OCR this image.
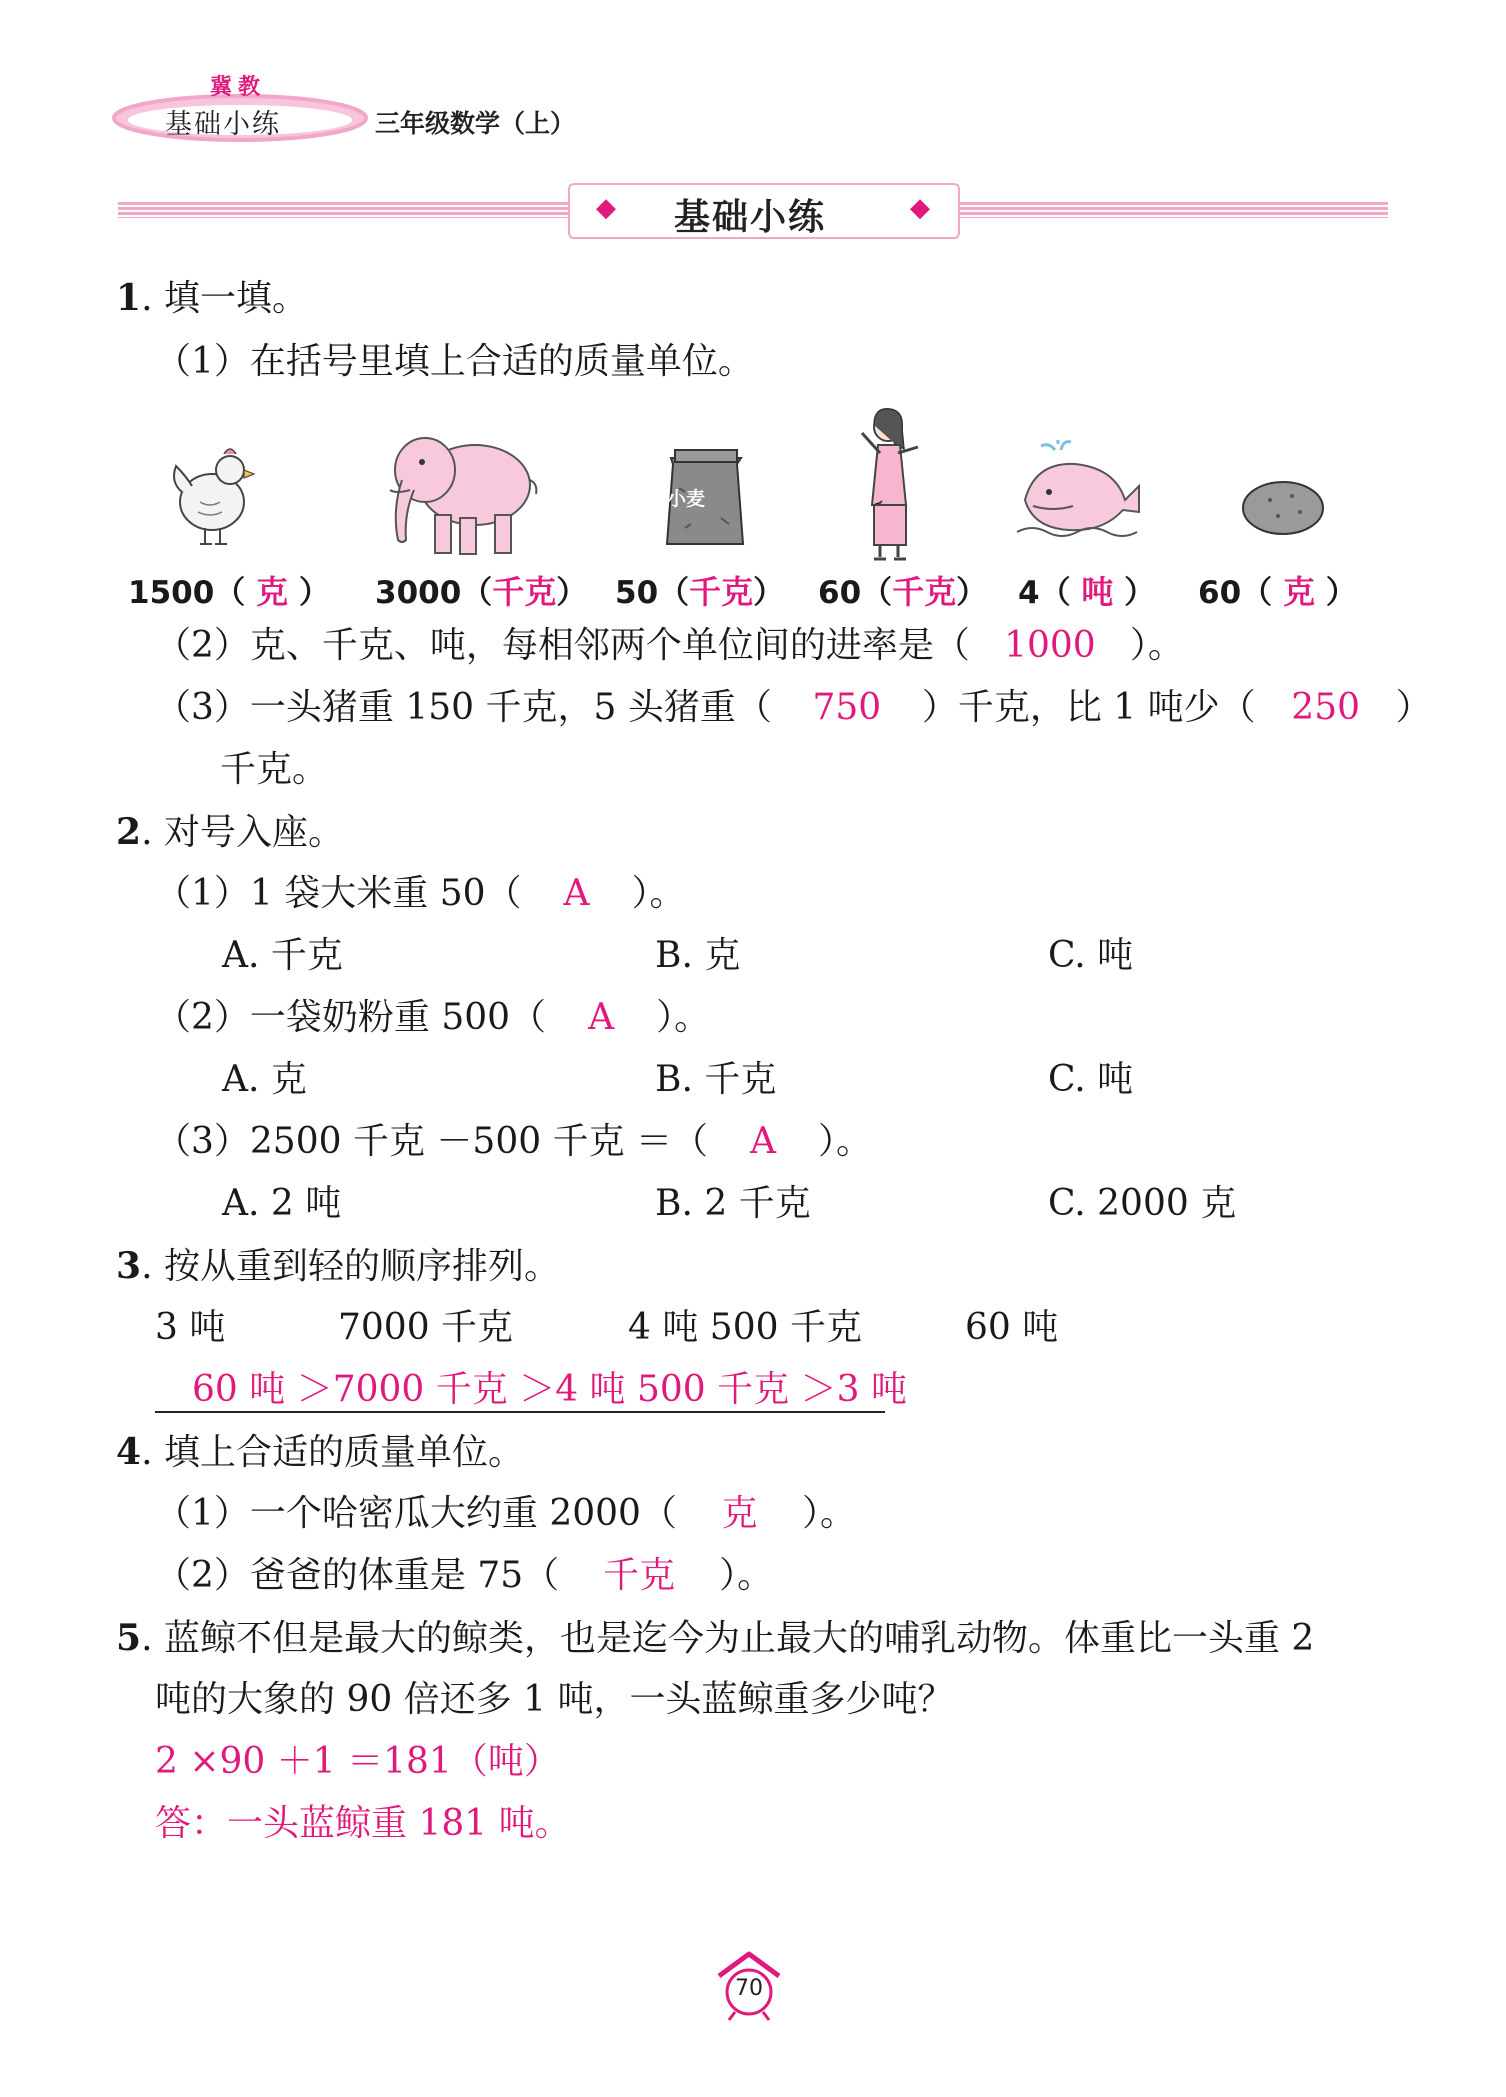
冀教
基础小练	三年级数学（上）
◆ 基础小练	◆
1. 填一填。
（1）在括号里填上合适的质量单位。
小麦
1500（ 克 ） 3000（千克） 50（千克） 60（千克） 4（ 吨 ） 60（ 克 ）
（2）克、千克、吨，每相邻两个单位间的进率是（ 1000 ）。
（3）一头猪重 150 千克，5 头猪重（ 750 ）千克，比 1 吨少（ 250 ）
千克。
2. 对号入座。
（1）1 袋大米重 50（ A ）。
A. 千克	B. 克	C. 吨
（2）一袋奶粉重 500（ A ）。
A. 克	B. 千克	C. 吨
（3）2500 千克 －500 千克 ＝（ A ）。
A. 2 吨	B. 2 千克	C. 2000 克
3. 按从重到轻的顺序排列。
3 吨	7000 千克	4 吨 500 千克	60 吨
60 吨 ＞7000 千克 ＞4 吨 500 千克 ＞3 吨
4. 填上合适的质量单位。
（1）一个哈密瓜大约重 2000（ 克 ）。
（2）爸爸的体重是 75（ 千克 ）。
5. 蓝鲸不但是最大的鲸类，也是迄今为止最大的哺乳动物。体重比一头重 2
吨的大象的 90 倍还多 1 吨，一头蓝鲸重多少吨？
2 ×90 ＋1 ＝181（吨）
答：一头蓝鲸重 181 吨。
70
